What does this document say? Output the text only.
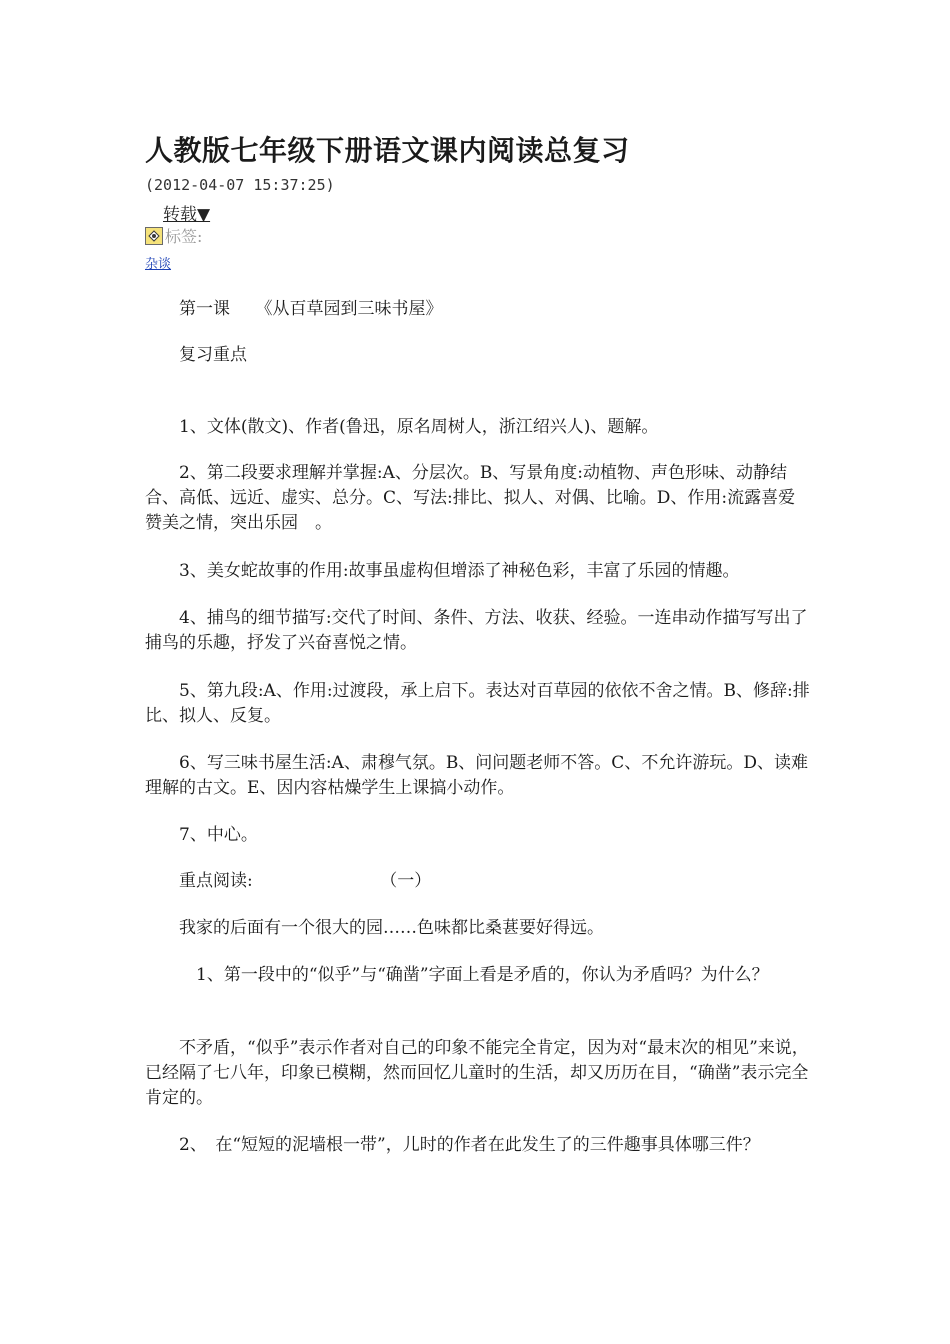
人教版七年级下册语文课内阅读总复习
(2012-04-07 15:37:25)
转载▼
标签:
杂谈

　　第一课　　《从百草园到三味书屋》

　　复习重点

　　1、文体(散文)、作者(鲁迅，原名周树人，浙江绍兴人)、题解。

　　2、第二段要求理解并掌握:A、分层次。B、写景角度:动植物、声色形味、动静结合、高低、远近、虚实、总分。C、写法:排比、拟人、对偶、比喻。D、作用:流露喜爱赞美之情，突出乐园　。

　　3、美女蛇故事的作用:故事虽虚构但增添了神秘色彩，丰富了乐园的情趣。

　　4、捕鸟的细节描写:交代了时间、条件、方法、收获、经验。一连串动作描写写出了捕鸟的乐趣，抒发了兴奋喜悦之情。

　　5、第九段:A、作用:过渡段，承上启下。表达对百草园的依依不舍之情。B、修辞:排比、拟人、反复。

　　6、写三味书屋生活:A、肃穆气氛。B、问问题老师不答。C、不允许游玩。D、读难理解的古文。E、因内容枯燥学生上课搞小动作。

　　7、中心。

　　重点阅读:　　　　　　　　（一）

　　我家的后面有一个很大的园……色味都比桑葚要好得远。

　　　1、第一段中的“似乎”与“确凿”字面上看是矛盾的，你认为矛盾吗？为什么？

　　不矛盾，“似乎”表示作者对自己的印象不能完全肯定，因为对“最末次的相见”来说，已经隔了七八年，印象已模糊，然而回忆儿童时的生活，却又历历在目，“确凿”表示完全肯定的。

　　2、　在“短短的泥墙根一带”，儿时的作者在此发生了的三件趣事具体哪三件？
